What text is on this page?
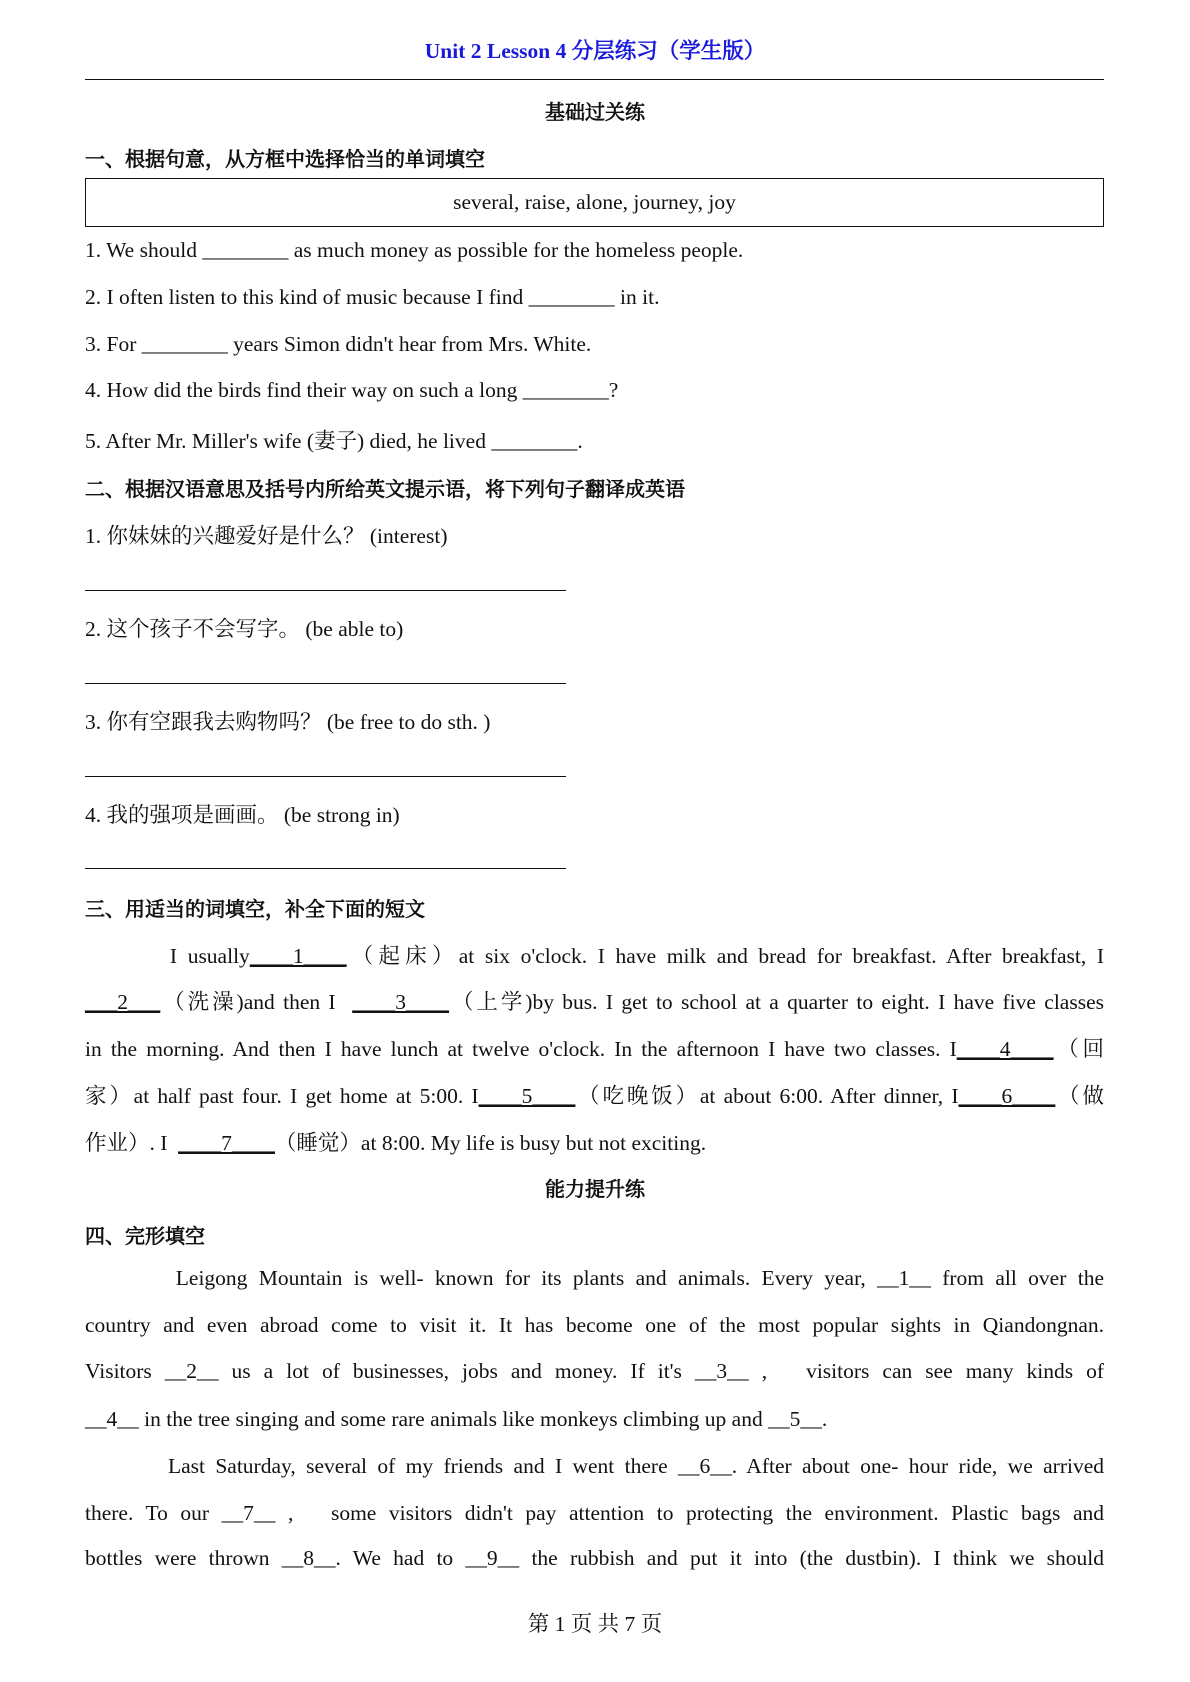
Unit 2 Lesson 4 分层练习（学生版）
基础过关练
一、根据句意，从方框中选择恰当的单词填空
several, raise, alone, journey, joy
1. We should ________ as much money as possible for the homeless people.
2. I often listen to this kind of music because I find ________ in it.
3. For ________ years Simon didn't hear from Mrs. White.
4. How did the birds find their way on such a long ________?
5. After Mr. Miller's wife (妻子) died, he lived ________.
二、根据汉语意思及括号内所给英文提示语，将下列句子翻译成英语
1. 你妹妹的兴趣爱好是什么？ (interest)
2. 这个孩子不会写字。 (be able to)
3. 你有空跟我去购物吗？ (be free to do sth. )
4. 我的强项是画画。 (be strong in)
三、用适当的词填空，补全下面的短文
I usually____1____（起床）at six o'clock. I have milk and bread for breakfast. After breakfast, I
___2___（洗澡)and then I  ____3____（上学)by bus. I get to school at a quarter to eight. I have five classes
in the morning. And then I have lunch at twelve o'clock. In the afternoon I have two classes. I____4____（回
家）at half past four. I get home at 5:00. I____5____（吃晚饭）at about 6:00. After dinner, I____6____（做
作业）. I  ____7____（睡觉）at 8:00. My life is busy but not exciting.
能力提升练
四、完形填空
Leigong Mountain is well- known for its plants and animals. Every year, __1__ from all over the
country and even abroad come to visit it. It has become one of the most popular sights in Qiandongnan.
Visitors __2__ us a lot of businesses, jobs and money. If it's __3__ ,   visitors can see many kinds of
__4__ in the tree singing and some rare animals like monkeys climbing up and __5__.
Last Saturday, several of my friends and I went there __6__. After about one- hour ride, we arrived
there. To our __7__ ,   some visitors didn't pay attention to protecting the environment. Plastic bags and
bottles were thrown __8__. We had to __9__ the rubbish and put it into (the dustbin). I think we should
第 1 页 共 7 页
